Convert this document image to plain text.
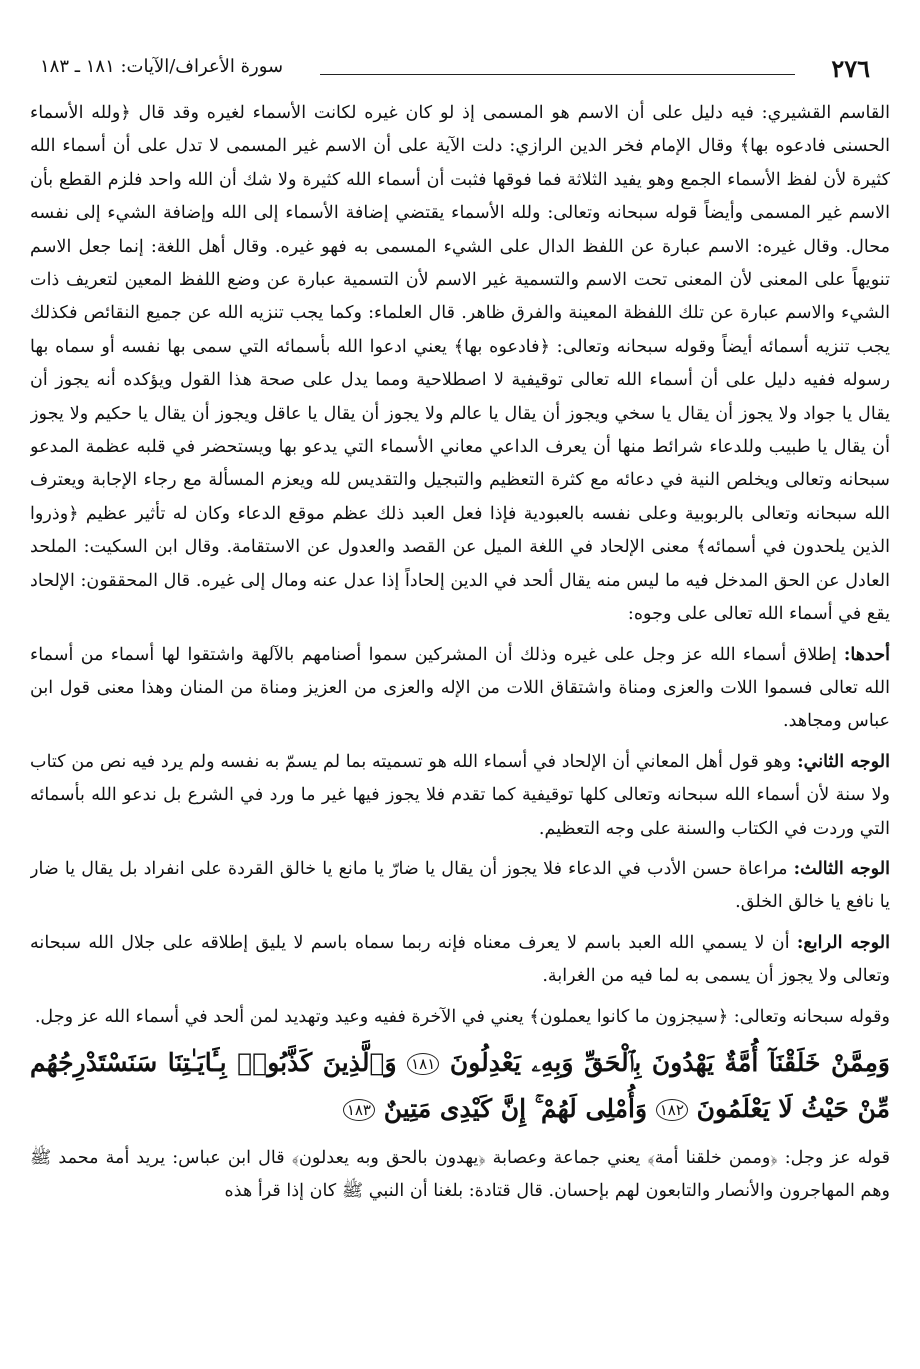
٢٧٦
سورة الأعراف/الآيات: ١٨١ ـ ١٨٣

القاسم القشيري: فيه دليل على أن الاسم هو المسمى إذ لو كان غيره لكانت الأسماء لغيره وقد قال ﴿ولله الأسماء الحسنى فادعوه بها﴾ وقال الإمام فخر الدين الرازي: دلت الآية على أن الاسم غير المسمى لا تدل على أن أسماء الله كثيرة لأن لفظ الأسماء الجمع وهو يفيد الثلاثة فما فوقها فثبت أن أسماء الله كثيرة ولا شك أن الله واحد فلزم القطع بأن الاسم غير المسمى وأيضاً قوله سبحانه وتعالى: ولله الأسماء يقتضي إضافة الأسماء إلى الله وإضافة الشيء إلى نفسه محال. وقال غيره: الاسم عبارة عن اللفظ الدال على الشيء المسمى به فهو غيره. وقال أهل اللغة: إنما جعل الاسم تنويهاً على المعنى لأن المعنى تحت الاسم والتسمية غير الاسم لأن التسمية عبارة عن وضع اللفظ المعين لتعريف ذات الشيء والاسم عبارة عن تلك اللفظة المعينة والفرق ظاهر. قال العلماء: وكما يجب تنزيه الله عن جميع النقائص فكذلك يجب تنزيه أسمائه أيضاً وقوله سبحانه وتعالى: ﴿فادعوه بها﴾ يعني ادعوا الله بأسمائه التي سمى بها نفسه أو سماه بها رسوله ففيه دليل على أن أسماء الله تعالى توقيفية لا اصطلاحية ومما يدل على صحة هذا القول ويؤكده أنه يجوز أن يقال يا جواد ولا يجوز أن يقال يا سخي ويجوز أن يقال يا عالم ولا يجوز أن يقال يا عاقل ويجوز أن يقال يا حكيم ولا يجوز أن يقال يا طبيب وللدعاء شرائط منها أن يعرف الداعي معاني الأسماء التي يدعو بها ويستحضر في قلبه عظمة المدعو سبحانه وتعالى ويخلص النية في دعائه مع كثرة التعظيم والتبجيل والتقديس لله ويعزم المسألة مع رجاء الإجابة ويعترف الله سبحانه وتعالى بالربوبية وعلى نفسه بالعبودية فإذا فعل العبد ذلك عظم موقع الدعاء وكان له تأثير عظيم ﴿وذروا الذين يلحدون في أسمائه﴾ معنى الإلحاد في اللغة الميل عن القصد والعدول عن الاستقامة. وقال ابن السكيت: الملحد العادل عن الحق المدخل فيه ما ليس منه يقال ألحد في الدين إلحاداً إذا عدل عنه ومال إلى غيره. قال المحققون: الإلحاد يقع في أسماء الله تعالى على وجوه:

أحدها: إطلاق أسماء الله عز وجل على غيره وذلك أن المشركين سموا أصنامهم بالآلهة واشتقوا لها أسماء من أسماء الله تعالى فسموا اللات والعزى ومناة واشتقاق اللات من الإله والعزى من العزيز ومناة من المنان وهذا معنى قول ابن عباس ومجاهد.

الوجه الثاني: وهو قول أهل المعاني أن الإلحاد في أسماء الله هو تسميته بما لم يسمّ به نفسه ولم يرد فيه نص من كتاب ولا سنة لأن أسماء الله سبحانه وتعالى كلها توقيفية كما تقدم فلا يجوز فيها غير ما ورد في الشرع بل ندعو الله بأسمائه التي وردت في الكتاب والسنة على وجه التعظيم.

الوجه الثالث: مراعاة حسن الأدب في الدعاء فلا يجوز أن يقال يا ضارّ يا مانع يا خالق القردة على انفراد بل يقال يا ضار يا نافع يا خالق الخلق.

الوجه الرابع: أن لا يسمي الله العبد باسم لا يعرف معناه فإنه ربما سماه باسم لا يليق إطلاقه على جلال الله سبحانه وتعالى ولا يجوز أن يسمى به لما فيه من الغرابة.

وقوله سبحانه وتعالى: ﴿سيجزون ما كانوا يعملون﴾ يعني في الآخرة ففيه وعيد وتهديد لمن ألحد في أسماء الله عز وجل.

وَمِمَّنْ خَلَقْنَآ أُمَّةٌ يَهْدُونَ بِٱلْحَقِّ وَبِهِۦ يَعْدِلُونَ ١٨١ وَٱلَّذِينَ كَذَّبُوا۟ بِـَٔايَـٰتِنَا سَنَسْتَدْرِجُهُم مِّنْ حَيْثُ لَا يَعْلَمُونَ ١٨٢ وَأُمْلِى لَهُمْ ۚ إِنَّ كَيْدِى مَتِينٌ ١٨٣

قوله عز وجل: ﴿وممن خلقنا أمة﴾ يعني جماعة وعصابة ﴿يهدون بالحق وبه يعدلون﴾ قال ابن عباس: يريد أمة محمد ﷺ وهم المهاجرون والأنصار والتابعون لهم بإحسان. قال قتادة: بلغنا أن النبي ﷺ كان إذا قرأ هذه
